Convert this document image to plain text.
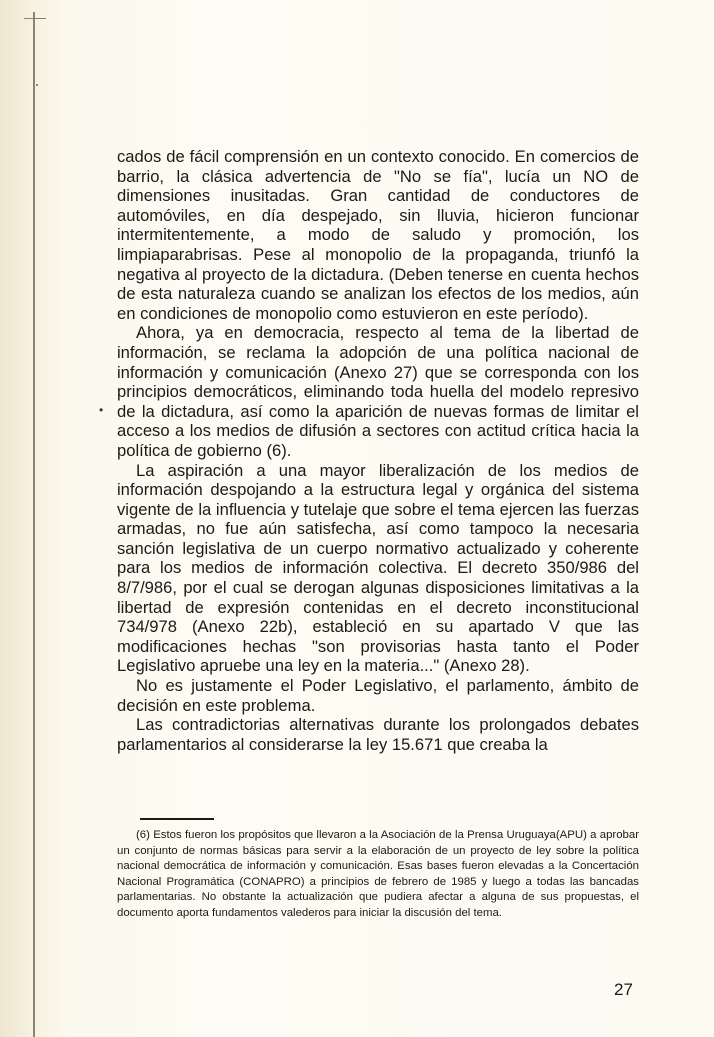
cados de fácil comprensión en un contexto conocido. En comercios de barrio, la clásica advertencia de "No se fía", lucía un NO de dimensiones inusitadas. Gran cantidad de conductores de automóviles, en día despejado, sin lluvia, hicieron funcionar intermitentemente, a modo de saludo y promoción, los limpiaparabrisas. Pese al monopolio de la propaganda, triunfó la negativa al proyecto de la dictadura. (Deben tenerse en cuenta hechos de esta naturaleza cuando se analizan los efectos de los medios, aún en condiciones de monopolio como estuvieron en este período).

Ahora, ya en democracia, respecto al tema de la libertad de información, se reclama la adopción de una política nacional de información y comunicación (Anexo 27) que se corresponda con los principios democráticos, eliminando toda huella del modelo represivo de la dictadura, así como la aparición de nuevas formas de limitar el acceso a los medios de difusión a sectores con actitud crítica hacia la política de gobierno (6).

La aspiración a una mayor liberalización de los medios de información despojando a la estructura legal y orgánica del sistema vigente de la influencia y tutelaje que sobre el tema ejercen las fuerzas armadas, no fue aún satisfecha, así como tampoco la necesaria sanción legislativa de un cuerpo normativo actualizado y coherente para los medios de información colectiva. El decreto 350/986 del 8/7/986, por el cual se derogan algunas disposiciones limitativas a la libertad de expresión contenidas en el decreto inconstitucional 734/978 (Anexo 22b), estableció en su apartado V que las modificaciones hechas "son provisorias hasta tanto el Poder Legislativo apruebe una ley en la materia..." (Anexo 28).

No es justamente el Poder Legislativo, el parlamento, ámbito de decisión en este problema.

Las contradictorias alternativas durante los prolongados debates parlamentarios al considerarse la ley 15.671 que creaba la

•
(6) Estos fueron los propósitos que llevaron a la Asociación de la Prensa Uruguaya(APU) a aprobar un conjunto de normas básicas para servir a la elaboración de un proyecto de ley sobre la política nacional democrática de información y comunicación. Esas bases fueron elevadas a la Concertación Nacional Programática (CONAPRO) a principios de febrero de 1985 y luego a todas las bancadas parlamentarias. No obstante la actualización que pudiera afectar a alguna de sus propuestas, el documento aporta fundamentos valederos para iniciar la discusión del tema.
27
